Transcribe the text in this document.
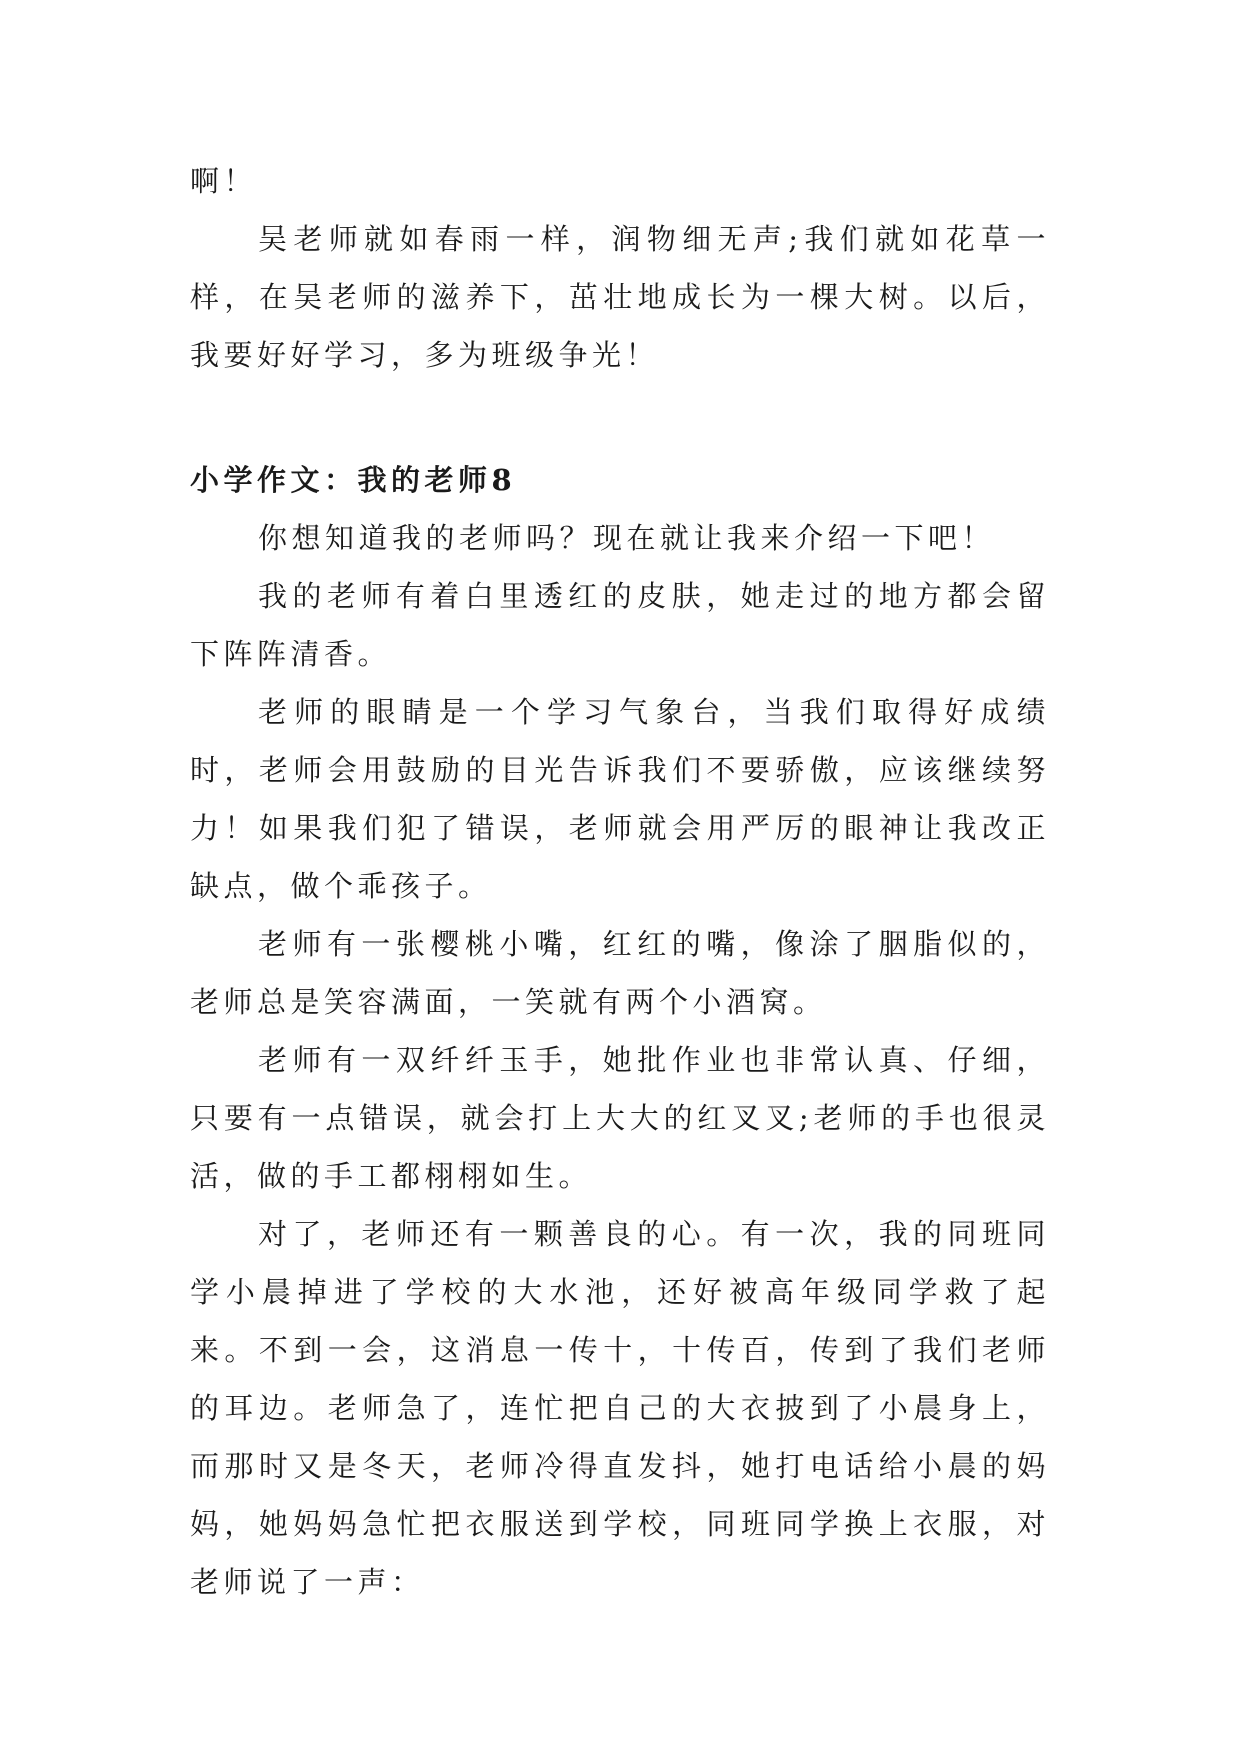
啊！

吴老师就如春雨一样，润物细无声;我们就如花草一样，在吴老师的滋养下，茁壮地成长为一棵大树。以后，我要好好学习，多为班级争光！

小学作文：我的老师8

你想知道我的老师吗？现在就让我来介绍一下吧！

我的老师有着白里透红的皮肤，她走过的地方都会留下阵阵清香。

老师的眼睛是一个学习气象台，当我们取得好成绩时，老师会用鼓励的目光告诉我们不要骄傲，应该继续努力！如果我们犯了错误，老师就会用严厉的眼神让我改正缺点，做个乖孩子。

老师有一张樱桃小嘴，红红的嘴，像涂了胭脂似的，老师总是笑容满面，一笑就有两个小酒窝。

老师有一双纤纤玉手，她批作业也非常认真、仔细，只要有一点错误，就会打上大大的红叉叉;老师的手也很灵活，做的手工都栩栩如生。

对了，老师还有一颗善良的心。有一次，我的同班同学小晨掉进了学校的大水池，还好被高年级同学救了起来。不到一会，这消息一传十，十传百，传到了我们老师的耳边。老师急了，连忙把自己的大衣披到了小晨身上，而那时又是冬天，老师冷得直发抖，她打电话给小晨的妈妈，她妈妈急忙把衣服送到学校，同班同学换上衣服，对老师说了一声：
